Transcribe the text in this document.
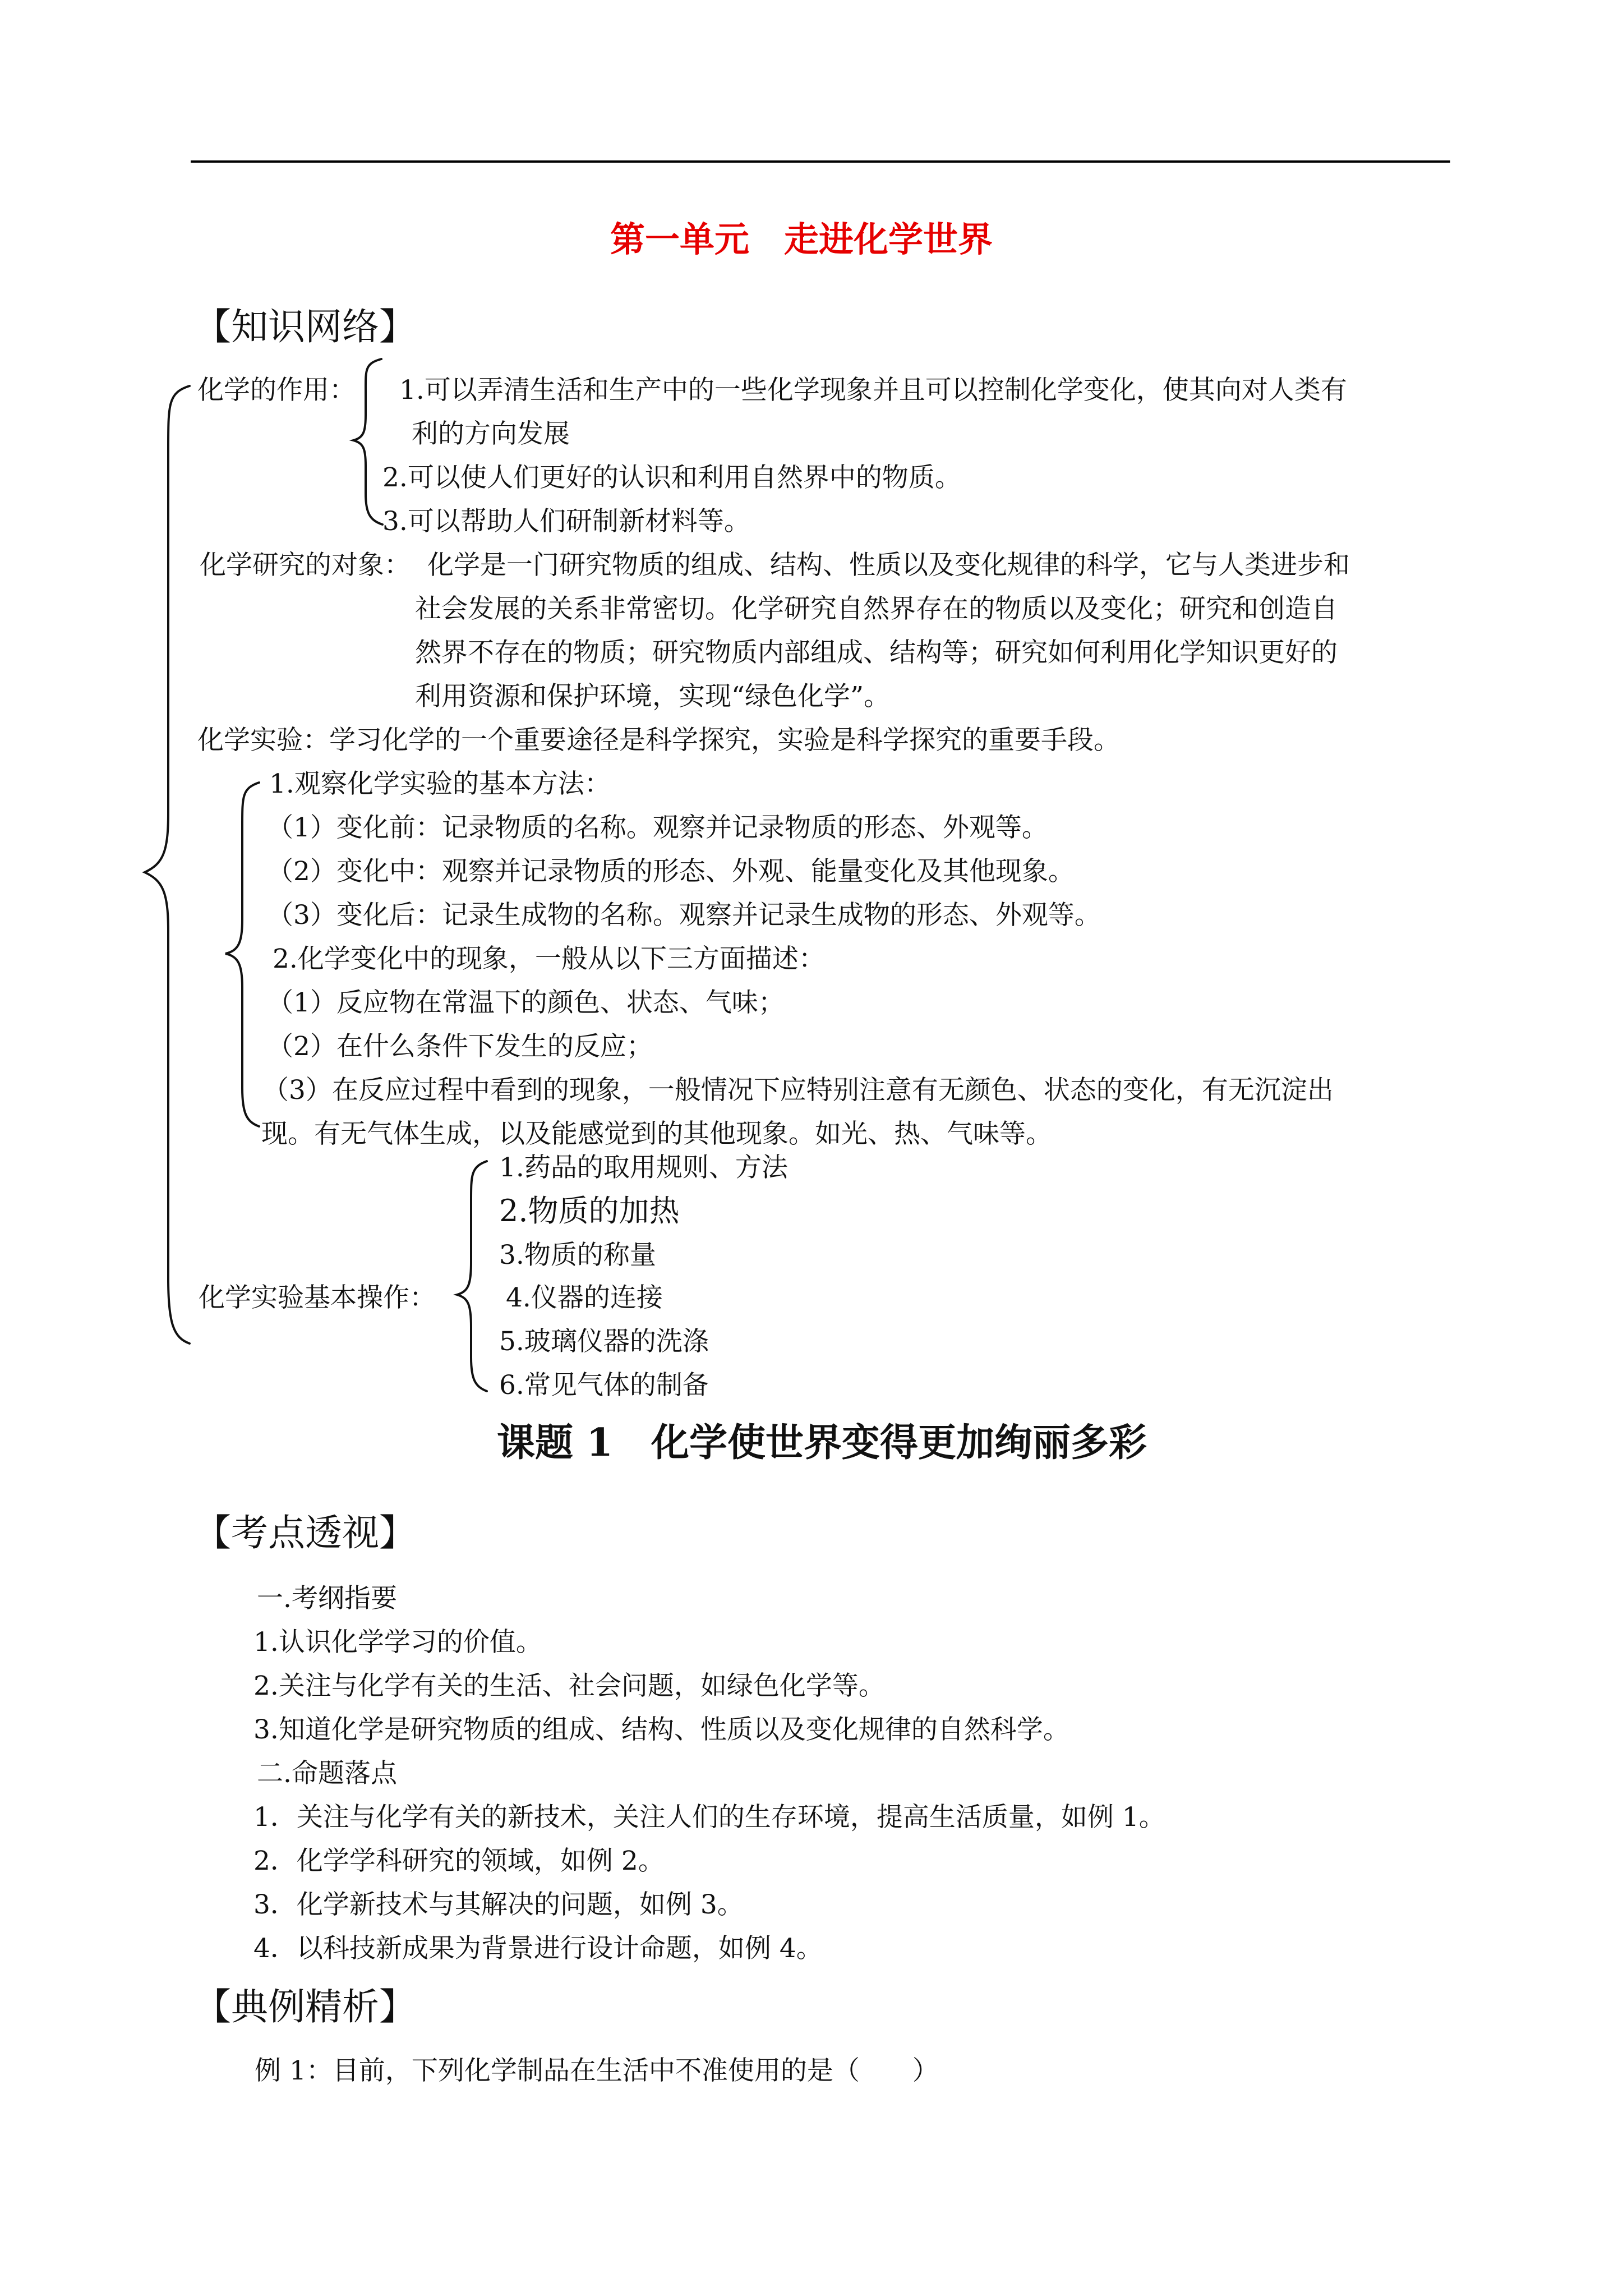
第一单元　走进化学世界
【知识网络】
化学的作用： 1.可以弄清生活和生产中的一些化学现象并且可以控制化学变化，使其向对人类有
利的方向发展
2.可以使人们更好的认识和利用自然界中的物质。
3.可以帮助人们研制新材料等。
化学研究的对象： 化学是一门研究物质的组成、结构、性质以及变化规律的科学，它与人类进步和
社会发展的关系非常密切。化学研究自然界存在的物质以及变化；研究和创造自
然界不存在的物质；研究物质内部组成、结构等；研究如何利用化学知识更好的
利用资源和保护环境，实现“绿色化学”。
化学实验：学习化学的一个重要途径是科学探究，实验是科学探究的重要手段。
1.观察化学实验的基本方法：
（1）变化前：记录物质的名称。观察并记录物质的形态、外观等。
（2）变化中：观察并记录物质的形态、外观、能量变化及其他现象。
（3）变化后：记录生成物的名称。观察并记录生成物的形态、外观等。
2.化学变化中的现象，一般从以下三方面描述：
（1）反应物在常温下的颜色、状态、气味；
（2）在什么条件下发生的反应；
（3）在反应过程中看到的现象，一般情况下应特别注意有无颜色、状态的变化，有无沉淀出
现。有无气体生成，以及能感觉到的其他现象。如光、热、气味等。
1.药品的取用规则、方法
2.物质的加热
3.物质的称量
化学实验基本操作：	4.仪器的连接
5.玻璃仪器的洗涤
6.常见气体的制备
课题 1　化学使世界变得更加绚丽多彩
【考点透视】
一.考纲指要
1.认识化学学习的价值。
2.关注与化学有关的生活、社会问题，如绿色化学等。
3.知道化学是研究物质的组成、结构、性质以及变化规律的自然科学。
二.命题落点
1．关注与化学有关的新技术，关注人们的生存环境，提高生活质量，如例 1。
2．化学学科研究的领域，如例 2。
3．化学新技术与其解决的问题，如例 3。
4．以科技新成果为背景进行设计命题，如例 4。
【典例精析】
例 1：目前，下列化学制品在生活中不准使用的是（　　）
